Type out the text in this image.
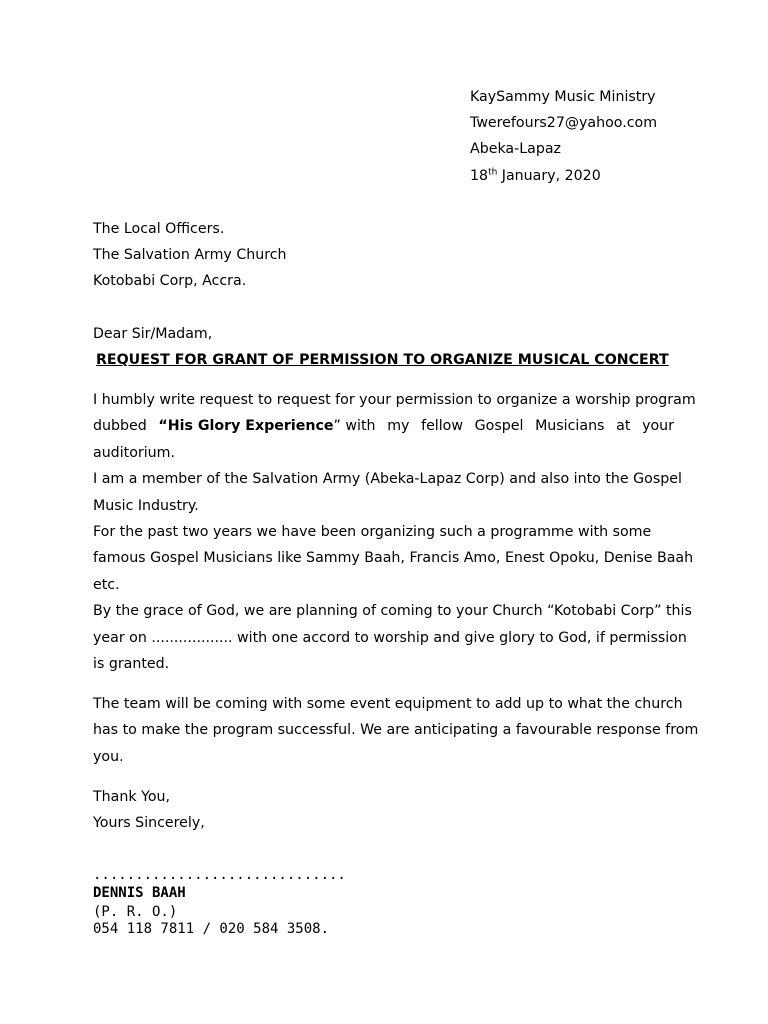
KaySammy Music Ministry
Twerefours27@yahoo.com
Abeka-Lapaz
18th January, 2020
The Local Officers.
The Salvation Army Church
Kotobabi Corp, Accra.
Dear Sir/Madam,
REQUEST FOR GRANT OF PERMISSION TO ORGANIZE MUSICAL CONCERT
I humbly write request to request for your permission to organize a worship program
dubbed “His Glory Experience” with my fellow Gospel Musicians at your
auditorium.
I am a member of the Salvation Army (Abeka-Lapaz Corp) and also into the Gospel
Music Industry.
For the past two years we have been organizing such a programme with some
famous Gospel Musicians like Sammy Baah, Francis Amo, Enest Opoku, Denise Baah
etc.
By the grace of God, we are planning of coming to your Church “Kotobabi Corp” this
year on .................. with one accord to worship and give glory to God, if permission
is granted.
The team will be coming with some event equipment to add up to what the church
has to make the program successful. We are anticipating a favourable response from
you.
Thank You,
Yours Sincerely,
..............................
DENNIS BAAH
(P. R. O.)
054 118 7811 / 020 584 3508.
